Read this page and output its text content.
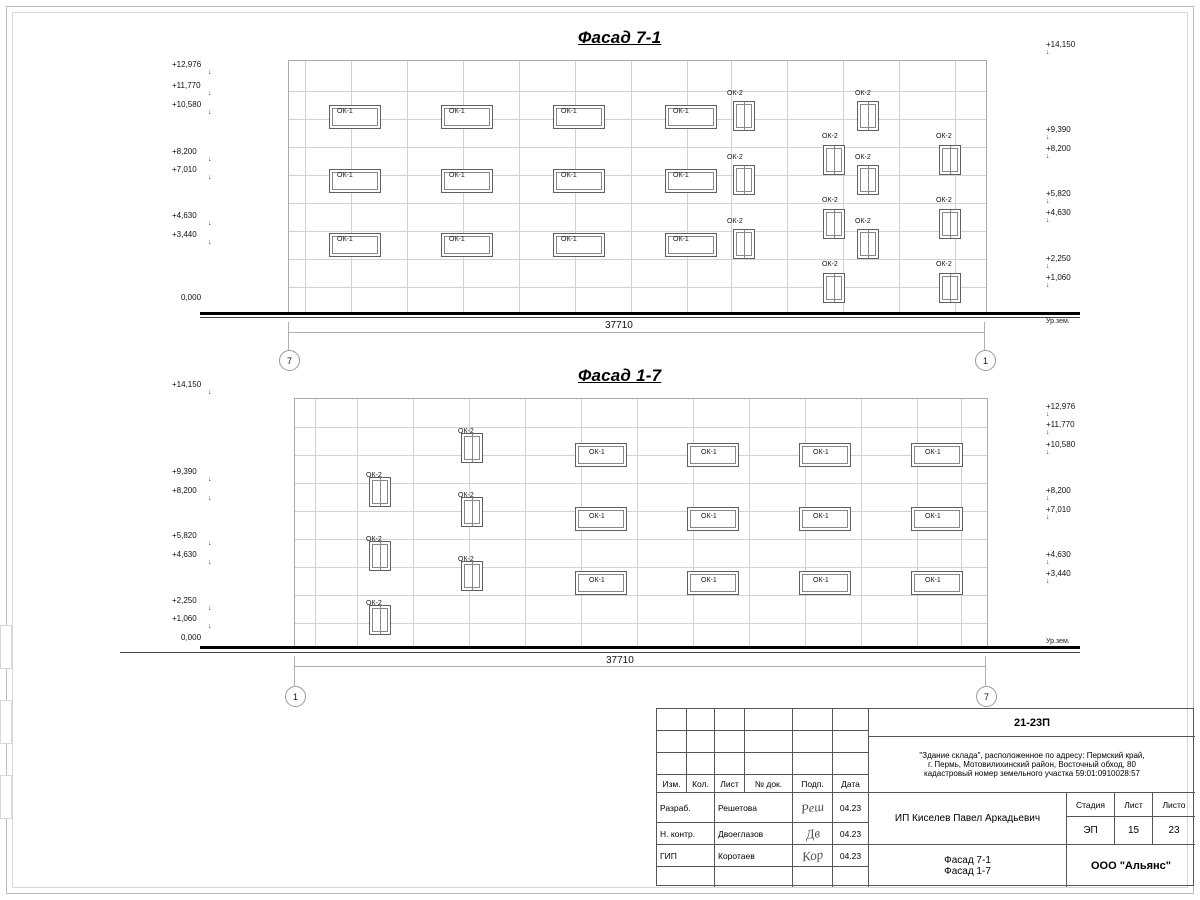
Фасад 7-1
ОК-1	ОК-1	ОК-1	ОК-1
ОК-1	ОК-1	ОК-1	ОК-1
ОК-1	ОК-1	ОК-1	ОК-1
ОК-2	ОК-2
ОК-2	ОК-2
ОК-2	ОК-2
ОК-2	ОК-2
ОК-2	ОК-2
ОК-2	ОК-2
+12,976
↓
+11,770
↓
+10,580
↓
+8,200
↓
+7,010
↓
+4,630
↓
+3,440
↓
0,000
+14,150
↓
+9,390
↓
+8,200
↓
+5,820
↓
+4,630
↓
+2,250
↓
+1,060
↓
Ур.зем.
37710
7	1
Фасад 1-7
ОК-2
ОК-2
ОК-2
ОК-2
ОК-2
ОК-2
ОК-1	ОК-1	ОК-1	ОК-1
ОК-1	ОК-1	ОК-1	ОК-1
ОК-1	ОК-1	ОК-1	ОК-1
+14,150
↓
+9,390
↓
+8,200
↓
+5,820
↓
+4,630
↓
+2,250
↓
+1,060
↓
0,000
+12,976
↓
+11,770
↓
+10,580
↓
+8,200
↓
+7,010
↓
+4,630
↓
+3,440
↓
Ур.зем.
37710
1	7
Изм.	Кол.	Лист	№ док.	Подп.	Дата
Разраб.	Решетова	Реш	04.23
Н. контр.	Двоеглазов	Дв	04.23
ГИП	Коротаев	Кор	04.23
21-23П
"Здание склада", расположенное по адресу: Пермский край,
г. Пермь, Мотовилихинский район, Восточный обход, 80
кадастровый номер земельного участка 59:01:0910028:57
ИП Киселев Павел Аркадьевич
Фасад 7-1
Фасад 1-7
Стадия	Лист	Листо
ЭП	15	23
ООО "Альянс"
